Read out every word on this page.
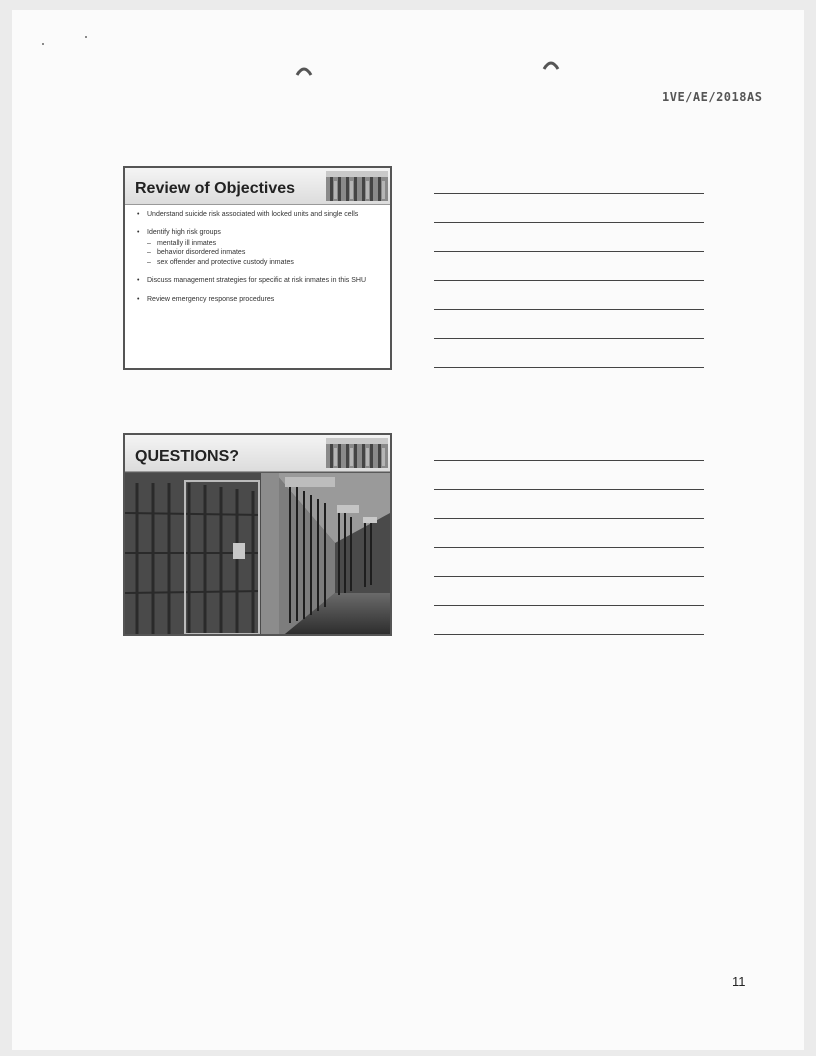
1VE/AE/2018AS
Review of Objectives
• Understand suicide risk associated with locked units and single cells
• Identify high risk groups
– mentally ill inmates
– behavior disordered inmates
– sex offender and protective custody inmates
• Discuss management strategies for specific at risk inmates in this SHU
• Review emergency response procedures
QUESTIONS?
11
